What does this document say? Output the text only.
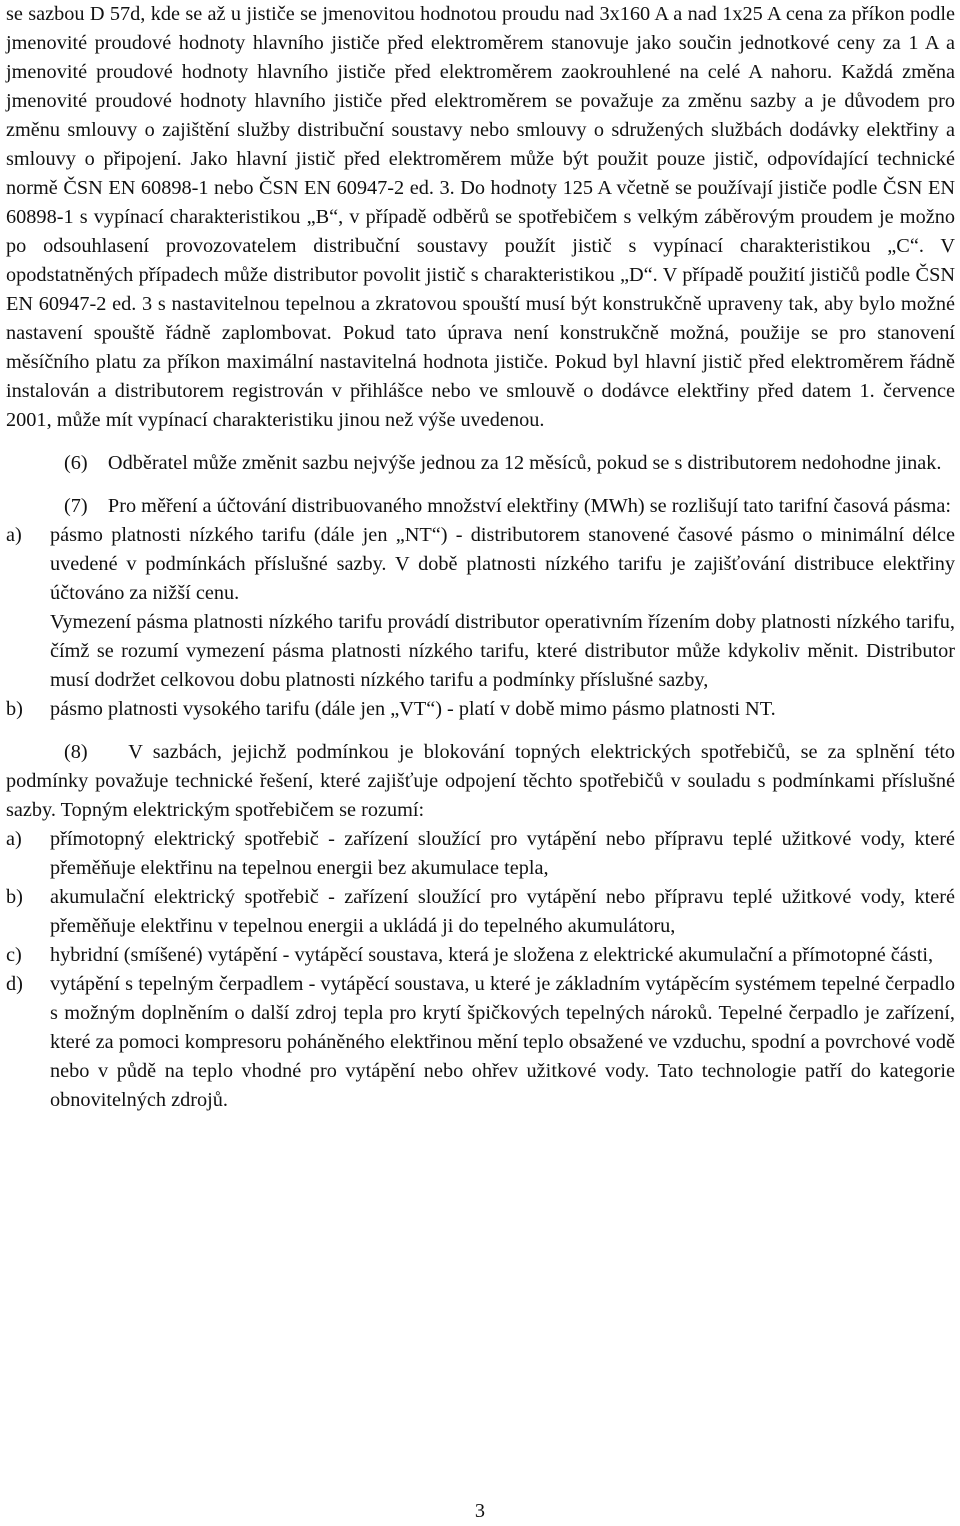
se sazbou D 57d, kde se až u jističe se jmenovitou hodnotou proudu nad 3x160 A a nad 1x25 A cena za příkon podle jmenovité proudové hodnoty hlavního jističe před elektroměrem stanovuje jako součin jednotkové ceny za 1 A a jmenovité proudové hodnoty hlavního jističe před elektroměrem zaokrouhlené na celé A nahoru. Každá změna jmenovité proudové hodnoty hlavního jističe před elektroměrem se považuje za změnu sazby a je důvodem pro změnu smlouvy o zajištění služby distribuční soustavy nebo smlouvy o sdružených službách dodávky elektřiny a smlouvy o připojení. Jako hlavní jistič před elektroměrem může být použit pouze jistič, odpovídající technické normě ČSN EN 60898-1 nebo ČSN EN 60947-2 ed. 3. Do hodnoty 125 A včetně se používají jističe podle ČSN EN 60898-1 s vypínací charakteristikou „B“, v případě odběrů se spotřebičem s velkým záběrovým proudem je možno po odsouhlasení provozovatelem distribuční soustavy použít jistič s vypínací charakteristikou „C“. V opodstatněných případech může distributor povolit jistič s charakteristikou „D“. V případě použití jističů podle ČSN EN 60947-2 ed. 3 s nastavitelnou tepelnou a zkratovou spouští musí být konstrukčně upraveny tak, aby bylo možné nastavení spouště řádně zaplombovat. Pokud tato úprava není konstrukčně možná, použije se pro stanovení měsíčního platu za příkon maximální nastavitelná hodnota jističe. Pokud byl hlavní jistič před elektroměrem řádně instalován a distributorem registrován v přihlášce nebo ve smlouvě o dodávce elektřiny před datem 1. července 2001, může mít vypínací charakteristiku jinou než výše uvedenou.

(6)    Odběratel může změnit sazbu nejvýše jednou za 12 měsíců, pokud se s distributorem nedohodne jinak.

(7)    Pro měření a účtování distribuovaného množství elektřiny (MWh) se rozlišují tato tarifní časová pásma:

a) pásmo platnosti nízkého tarifu (dále jen „NT“) - distributorem stanovené časové pásmo o minimální délce uvedené v podmínkách příslušné sazby. V době platnosti nízkého tarifu je zajišťování distribuce elektřiny účtováno za nižší cenu.

Vymezení pásma platnosti nízkého tarifu provádí distributor operativním řízením doby platnosti nízkého tarifu, čímž se rozumí vymezení pásma platnosti nízkého tarifu, které distributor může kdykoliv měnit. Distributor musí dodržet celkovou dobu platnosti nízkého tarifu a podmínky příslušné sazby,

b) pásmo platnosti vysokého tarifu (dále jen „VT“) - platí v době mimo pásmo platnosti NT.

(8)    V sazbách, jejichž podmínkou je blokování topných elektrických spotřebičů, se za splnění této podmínky považuje technické řešení, které zajišťuje odpojení těchto spotřebičů v souladu s podmínkami příslušné sazby. Topným elektrickým spotřebičem se rozumí:

a) přímotopný elektrický spotřebič - zařízení sloužící pro vytápění nebo přípravu teplé užitkové vody, které přeměňuje elektřinu na tepelnou energii bez akumulace tepla,

b) akumulační elektrický spotřebič - zařízení sloužící pro vytápění nebo přípravu teplé užitkové vody, které přeměňuje elektřinu v tepelnou energii a ukládá ji do tepelného akumulátoru,

c) hybridní (smíšené) vytápění - vytápěcí soustava, která je složena z elektrické akumulační a přímotopné části,

d) vytápění s tepelným čerpadlem - vytápěcí soustava, u které je základním vytápěcím systémem tepelné čerpadlo s možným doplněním o další zdroj tepla pro krytí špičkových tepelných nároků. Tepelné čerpadlo je zařízení, které za pomoci kompresoru poháněného elektřinou mění teplo obsažené ve vzduchu, spodní a povrchové vodě nebo v půdě na teplo vhodné pro vytápění nebo ohřev užitkové vody. Tato technologie patří do kategorie obnovitelných zdrojů.

3
